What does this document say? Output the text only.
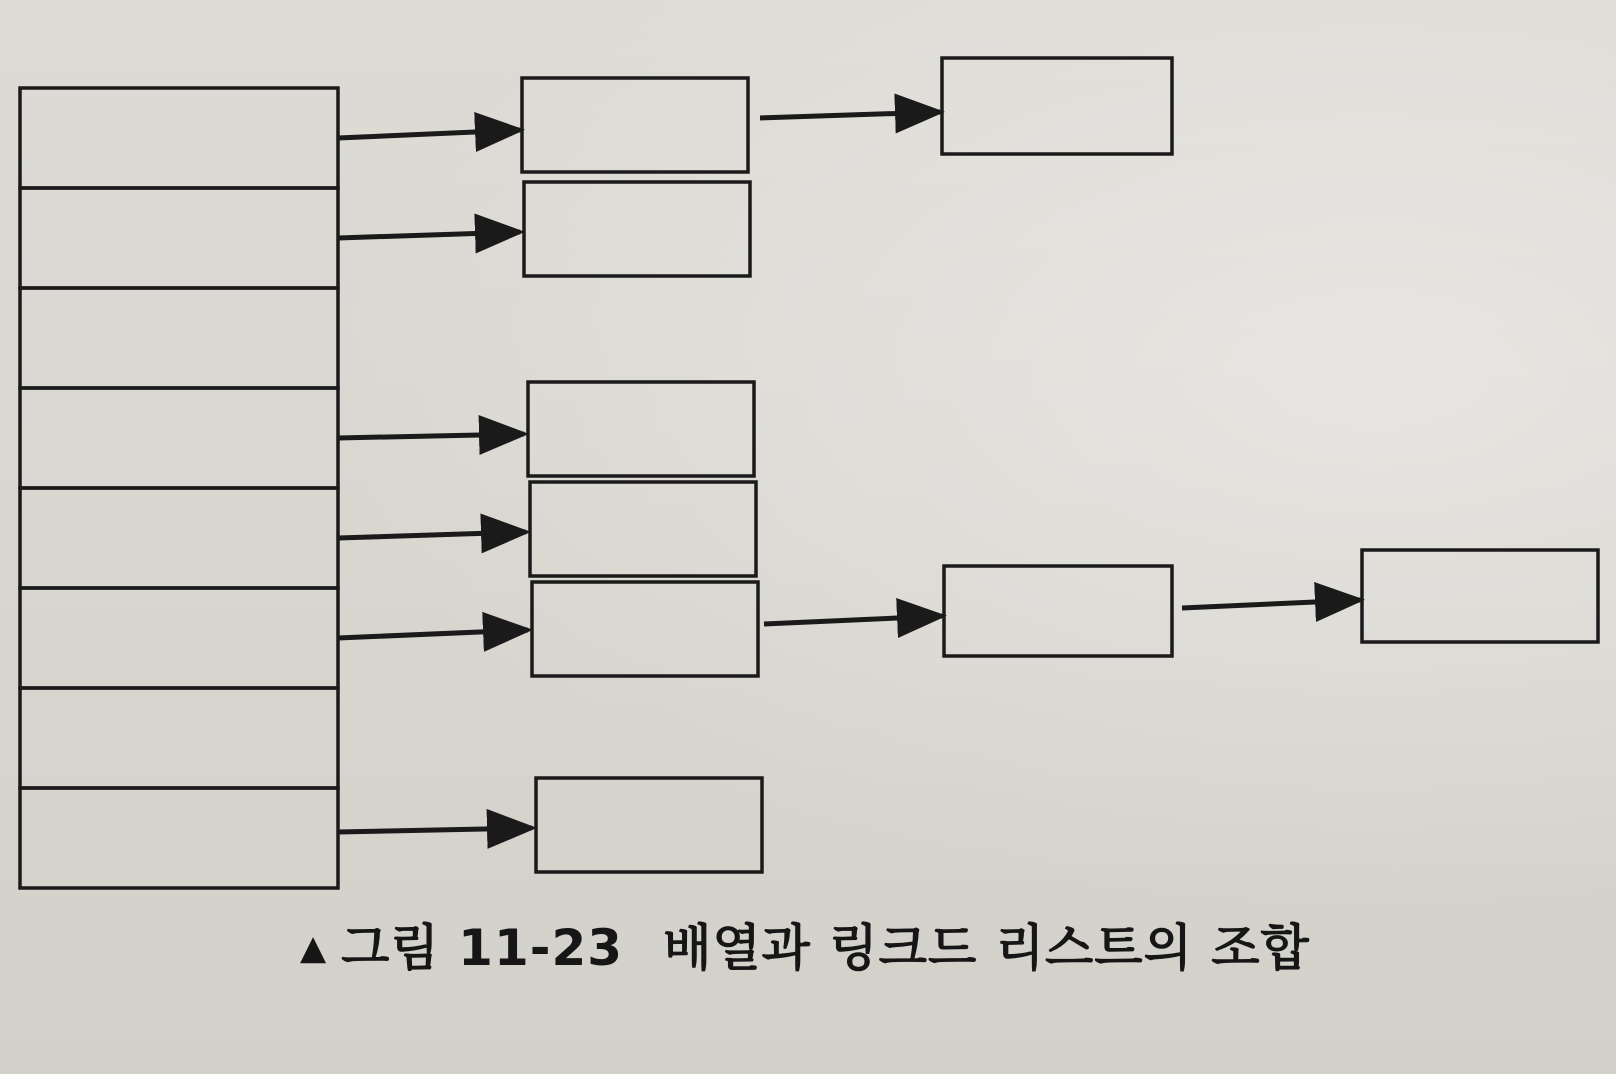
▲ 그림 11-23 배열과 링크드 리스트의 조합
